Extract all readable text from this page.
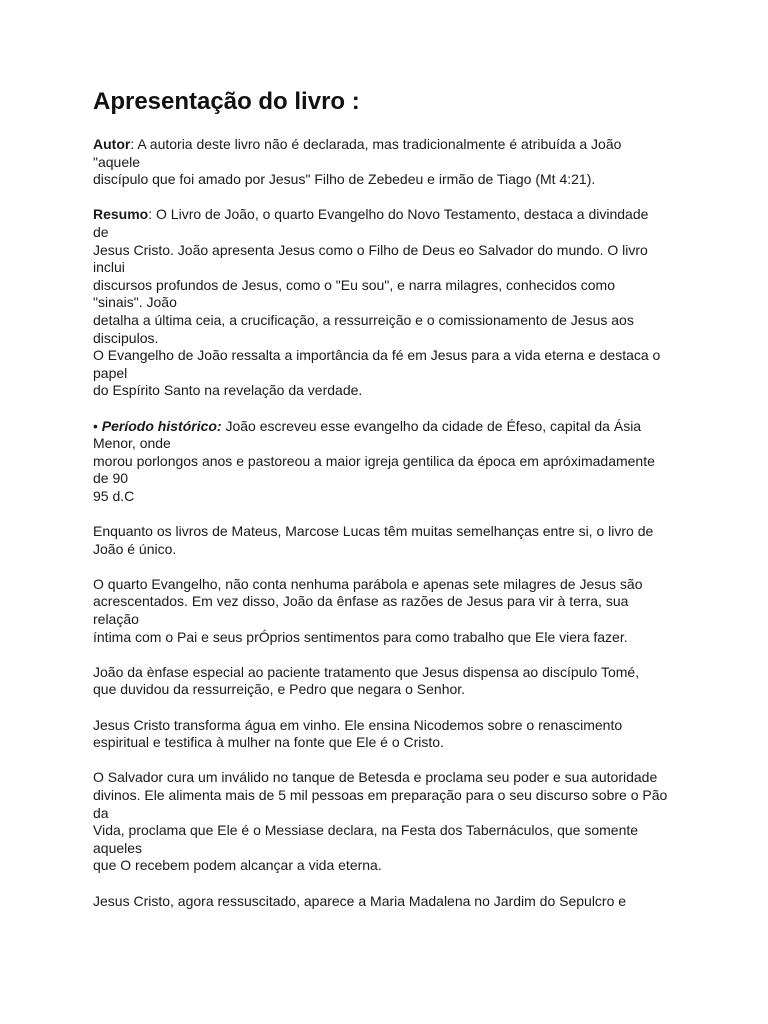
Apresentação do livro :

Autor: A autoria deste livro não é declarada, mas tradicionalmente é atribuída a João
"aquele
discípulo que foi amado por Jesus" Filho de Zebedeu e irmão de Tiago (Mt 4:21).

Resumo: O Livro de João, o quarto Evangelho do Novo Testamento, destaca a divindade
de
Jesus Cristo. João apresenta Jesus como o Filho de Deus eo Salvador do mundo. O livro
inclui
discursos profundos de Jesus, como o "Eu sou", e narra milagres, conhecidos como
"sinais". João
detalha a última ceia, a crucificação, a ressurreição e o comissionamento de Jesus aos
discipulos.
O Evangelho de João ressalta a importância da fé em Jesus para a vida eterna e destaca o
papel
do Espírito Santo na revelação da verdade.

• Período histórico: João escreveu esse evangelho da cidade de Éfeso, capital da Ásia
Menor, onde
morou porlongos anos e pastoreou a maior igreja gentilica da época em apróximadamente
de 90
95 d.C

Enquanto os livros de Mateus, Marcose Lucas têm muitas semelhanças entre si, o livro de
João é único.

O quarto Evangelho, não conta nenhuma parábola e apenas sete milagres de Jesus são
acrescentados. Em vez disso, João da ênfase as razões de Jesus para vir à terra, sua
relação
íntima com o Pai e seus prÓprios sentimentos para como trabalho que Ele viera fazer.

João da ènfase especial ao paciente tratamento que Jesus dispensa ao discípulo Tomé,
que duvidou da ressurreição, e Pedro que negara o Senhor.

Jesus Cristo transforma água em vinho. Ele ensina Nicodemos sobre o renascimento
espiritual e testifica à mulher na fonte que Ele é o Cristo.

O Salvador cura um inválido no tanque de Betesda e proclama seu poder e sua autoridade
divinos. Ele alimenta mais de 5 mil pessoas em preparação para o seu discurso sobre o Pão
da
Vida, proclama que Ele é o Messiase declara, na Festa dos Tabernáculos, que somente
aqueles
que O recebem podem alcançar a vida eterna.

Jesus Cristo, agora ressuscitado, aparece a Maria Madalena no Jardim do Sepulcro e
